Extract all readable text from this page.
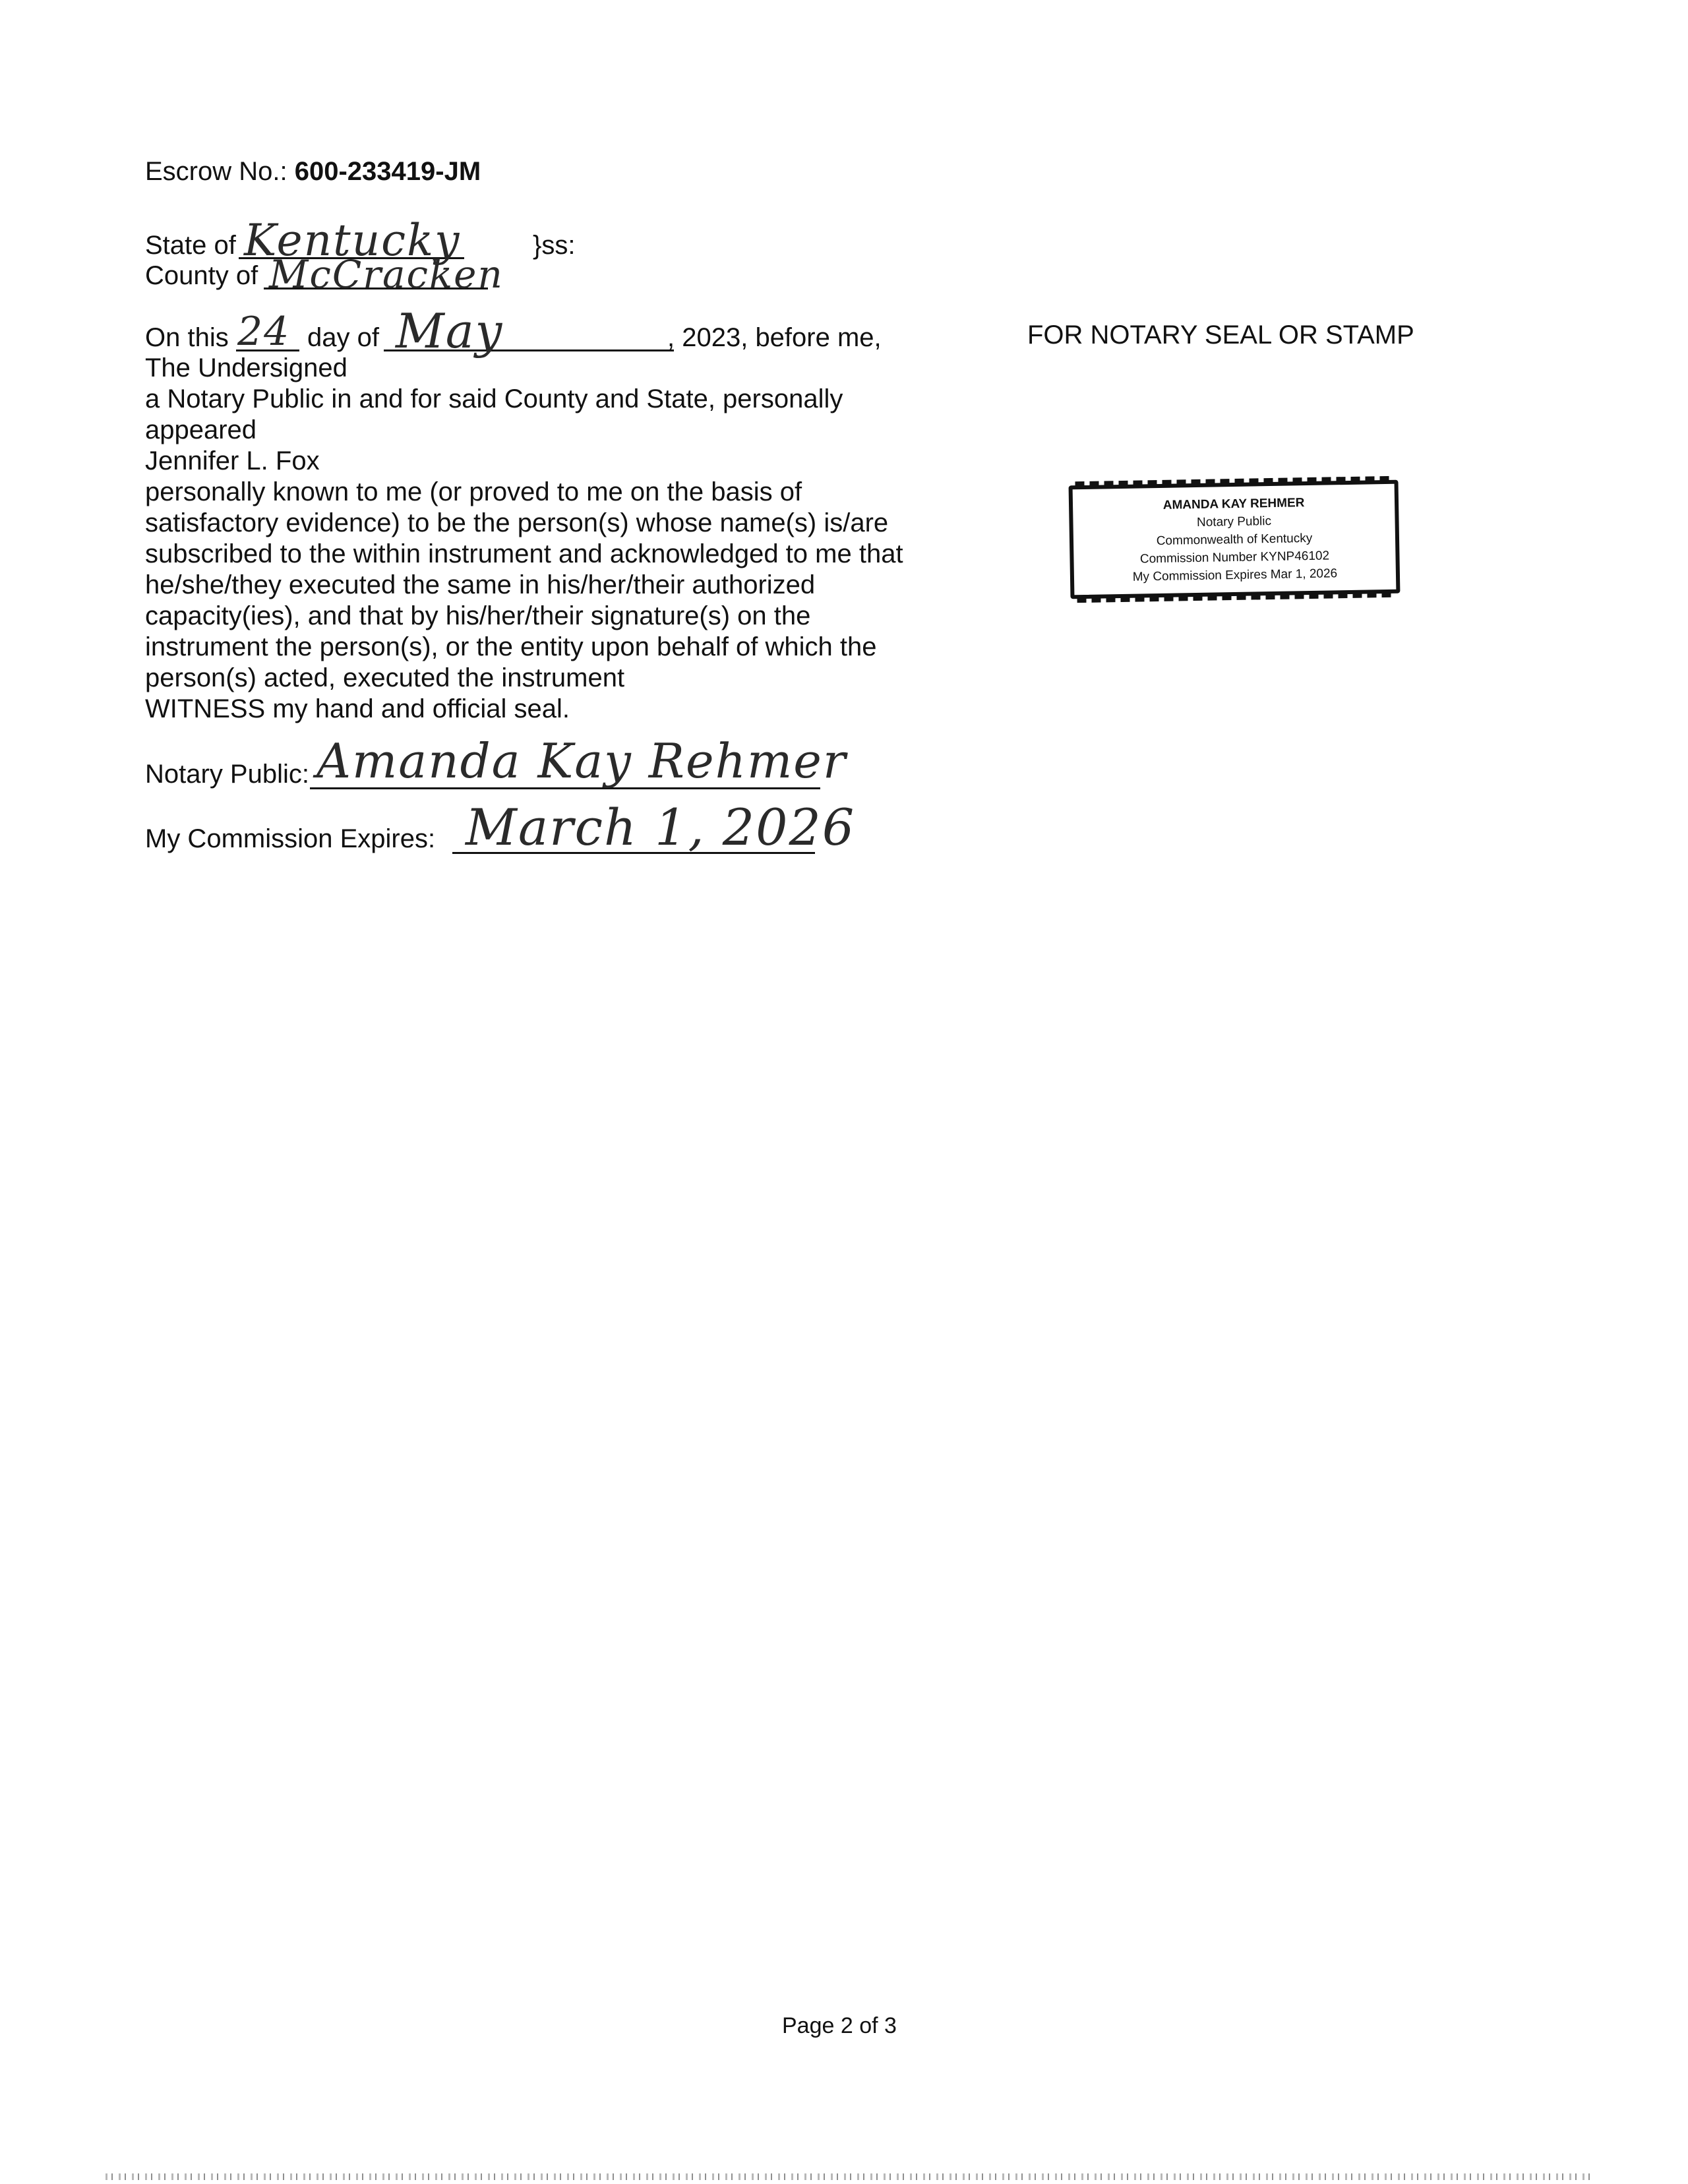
Escrow No.: 600-233419-JM
State of Kentucky	}ss:
County of McCracken
On this 24 day of May	, 2023, before me,
The Undersigned
a Notary Public in and for said County and State, personally
appeared
Jennifer L. Fox
personally known to me (or proved to me on the basis of
satisfactory evidence) to be the person(s) whose name(s) is/are
subscribed to the within instrument and acknowledged to me that
he/she/they executed the same in his/her/their authorized
capacity(ies), and that by his/her/their signature(s) on the
instrument the person(s), or the entity upon behalf of which the
person(s) acted, executed the instrument
WITNESS my hand and official seal.
Notary Public: Amanda Kay Rehmer
My Commission Expires: March 1, 2026
FOR NOTARY SEAL OR STAMP
AMANDA KAY REHMER
Notary Public
Commonwealth of Kentucky
Commission Number KYNP46102
My Commission Expires Mar 1, 2026
Page 2 of 3
